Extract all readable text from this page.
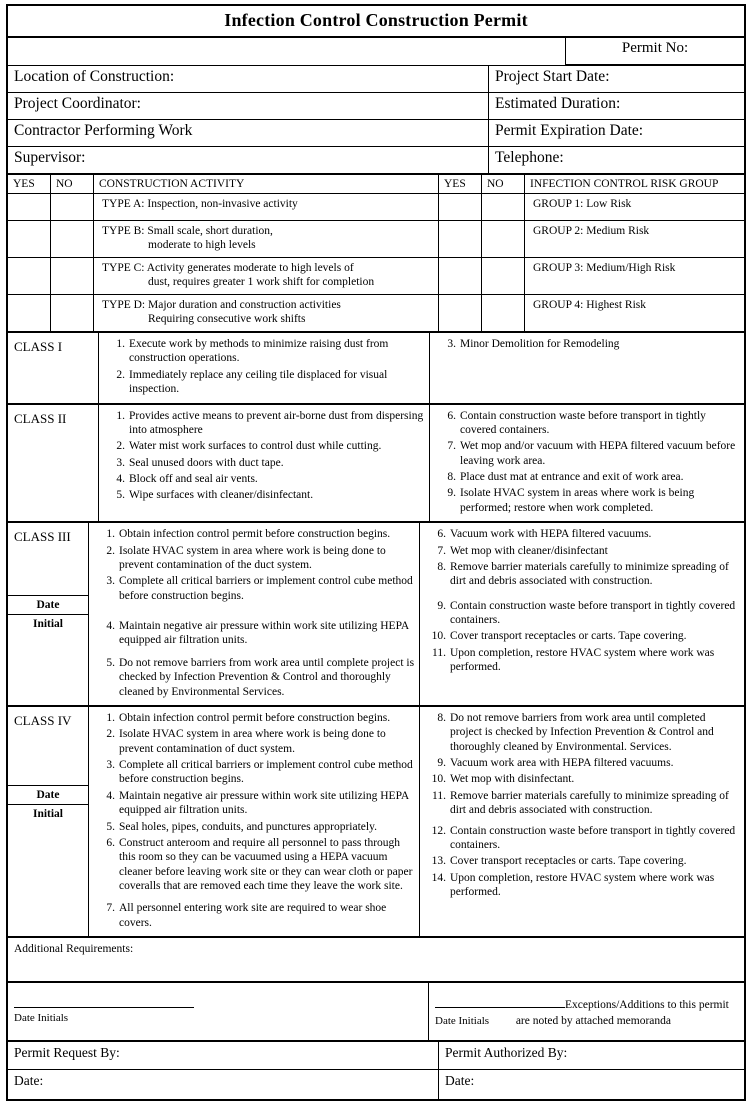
Infection Control Construction Permit
	Permit No:
Location of Construction:	Project Start Date:
Project Coordinator:	Estimated Duration:
Contractor Performing Work	Permit Expiration Date:
Supervisor:	Telephone:
YES	NO	CONSTRUCTION ACTIVITY	YES	NO	INFECTION CONTROL RISK GROUP
		TYPE A: Inspection, non-invasive activity			GROUP 1: Low Risk
		TYPE B: Small scale, short duration,
moderate to high levels			GROUP 2: Medium Risk
		TYPE C: Activity generates moderate to high levels of
dust, requires greater 1 work shift for completion			GROUP 3: Medium/High Risk
		TYPE D: Major duration and construction activities
Requiring consecutive work shifts			GROUP 4: Highest Risk
CLASS I	1. Execute work by methods to minimize raising dust from construction operations.
2. Immediately replace any ceiling tile displaced for visual inspection.

3. Minor Demolition for Remodeling
CLASS II	1. Provides active means to prevent air-borne dust from dispersing into atmosphere
2. Water mist work surfaces to control dust while cutting.
3. Seal unused doors with duct tape.
4. Block off and seal air vents.
5. Wipe surfaces with cleaner/disinfectant.

6. Contain construction waste before transport in tightly covered containers.
7. Wet mop and/or vacuum with HEPA filtered vacuum before leaving work area.
8. Place dust mat at entrance and exit of work area.
9. Isolate HVAC system in areas where work is being performed; restore when work completed.
CLASS III
Date
Initial

1. Obtain infection control permit before construction begins.
2. Isolate HVAC system in area where work is being done to prevent contamination of the duct system.
3. Complete all critical barriers or implement control cube method before construction begins.
4. Maintain negative air pressure within work site utilizing HEPA equipped air filtration units.
5. Do not remove barriers from work area until complete project is checked by Infection Prevention & Control and thoroughly cleaned by Environmental Services.

6. Vacuum work with HEPA filtered vacuums.
7. Wet mop with cleaner/disinfectant
8. Remove barrier materials carefully to minimize spreading of dirt and debris associated with construction.
9. Contain construction waste before transport in tightly covered containers.
10. Cover transport receptacles or carts. Tape covering.
11. Upon completion, restore HVAC system where work was performed.
CLASS IV
Date
Initial

1. Obtain infection control permit before construction begins.
2. Isolate HVAC system in area where work is being done to prevent contamination of duct system.
3. Complete all critical barriers or implement control cube method before construction begins.
4. Maintain negative air pressure within work site utilizing HEPA equipped air filtration units.
5. Seal holes, pipes, conduits, and punctures appropriately.
6. Construct anteroom and require all personnel to pass through this room so they can be vacuumed using a HEPA vacuum cleaner before leaving work site or they can wear cloth or paper coveralls that are removed each time they leave the work site.
7. All personnel entering work site are required to wear shoe covers.

8. Do not remove barriers from work area until completed project is checked by Infection Prevention & Control and thoroughly cleaned by Environmental. Services.
9. Vacuum work area with HEPA filtered vacuums.
10. Wet mop with disinfectant.
11. Remove barrier materials carefully to minimize spreading of dirt and debris associated with construction.
12. Contain construction waste before transport in tightly covered containers.
13. Cover transport receptacles or carts. Tape covering.
14. Upon completion, restore HVAC system where work was performed.
Additional Requirements:
Date Initials

Exceptions/Additions to this permit
Date Initials are noted by attached memoranda
Permit Request By:	Permit Authorized By:
Date:	Date:
